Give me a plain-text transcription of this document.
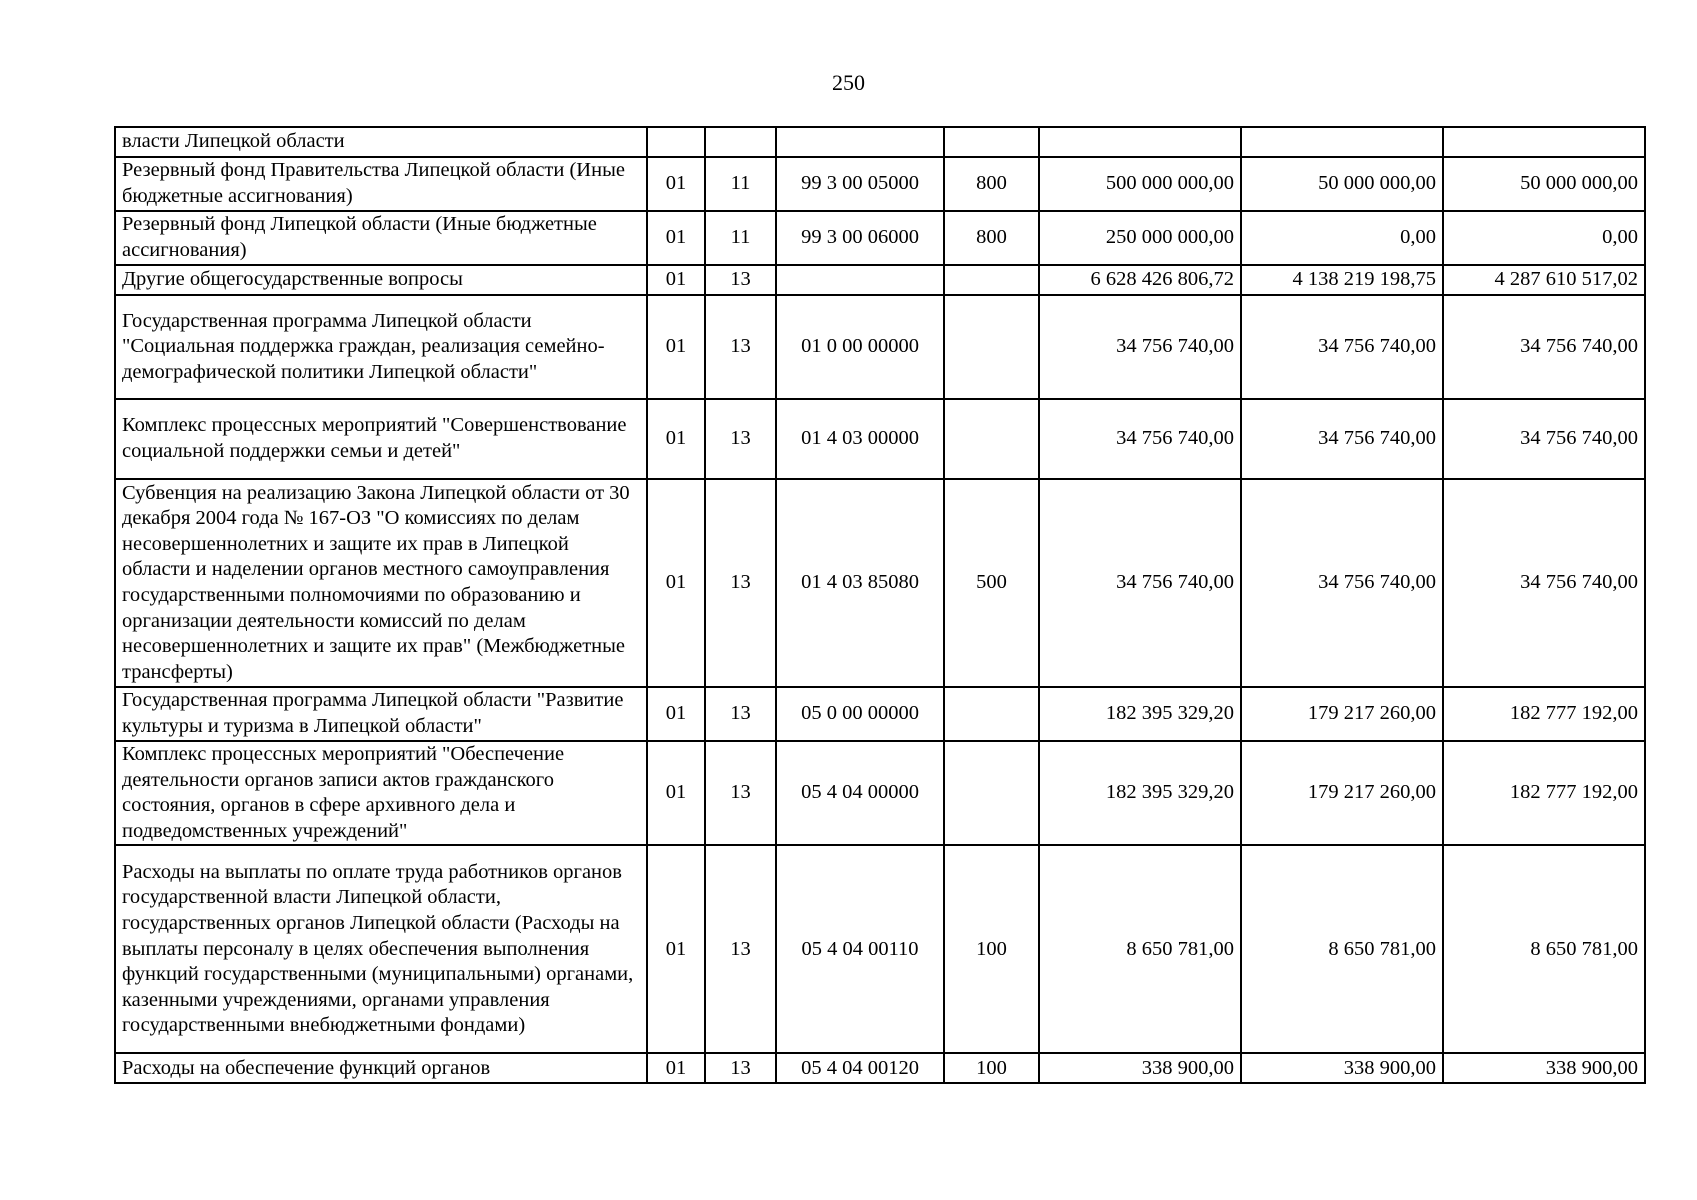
250
власти Липецкой области							
Резервный фонд Правительства Липецкой области (Иные бюджетные ассигнования)	01	11	99 3 00 05000	800	500 000 000,00	50 000 000,00	50 000 000,00
Резервный фонд Липецкой области (Иные бюджетные ассигнования)	01	11	99 3 00 06000	800	250 000 000,00	0,00	0,00
Другие общегосударственные вопросы	01	13			6 628 426 806,72	4 138 219 198,75	4 287 610 517,02
Государственная программа Липецкой области "Социальная поддержка граждан, реализация семейно-демографической политики Липецкой области"	01	13	01 0 00 00000		34 756 740,00	34 756 740,00	34 756 740,00
Комплекс процессных мероприятий "Совершенствование социальной поддержки семьи и детей"	01	13	01 4 03 00000		34 756 740,00	34 756 740,00	34 756 740,00
Субвенция на реализацию Закона Липецкой области от 30 декабря 2004 года № 167-ОЗ "О комиссиях по делам несовершеннолетних и защите их прав в Липецкой области и наделении органов местного самоуправления государственными полномочиями по образованию и организации деятельности комиссий по делам несовершеннолетних и защите их прав" (Межбюджетные трансферты)	01	13	01 4 03 85080	500	34 756 740,00	34 756 740,00	34 756 740,00
Государственная программа Липецкой области "Развитие культуры и туризма в Липецкой области"	01	13	05 0 00 00000		182 395 329,20	179 217 260,00	182 777 192,00
Комплекс процессных мероприятий "Обеспечение деятельности органов записи актов гражданского состояния, органов в сфере архивного дела и подведомственных учреждений"	01	13	05 4 04 00000		182 395 329,20	179 217 260,00	182 777 192,00
Расходы на выплаты по оплате труда работников органов государственной власти Липецкой области, государственных органов Липецкой области (Расходы на выплаты персоналу в целях обеспечения выполнения функций государственными (муниципальными) органами, казенными учреждениями, органами управления государственными внебюджетными фондами)	01	13	05 4 04 00110	100	8 650 781,00	8 650 781,00	8 650 781,00
Расходы на обеспечение функций органов	01	13	05 4 04 00120	100	338 900,00	338 900,00	338 900,00
